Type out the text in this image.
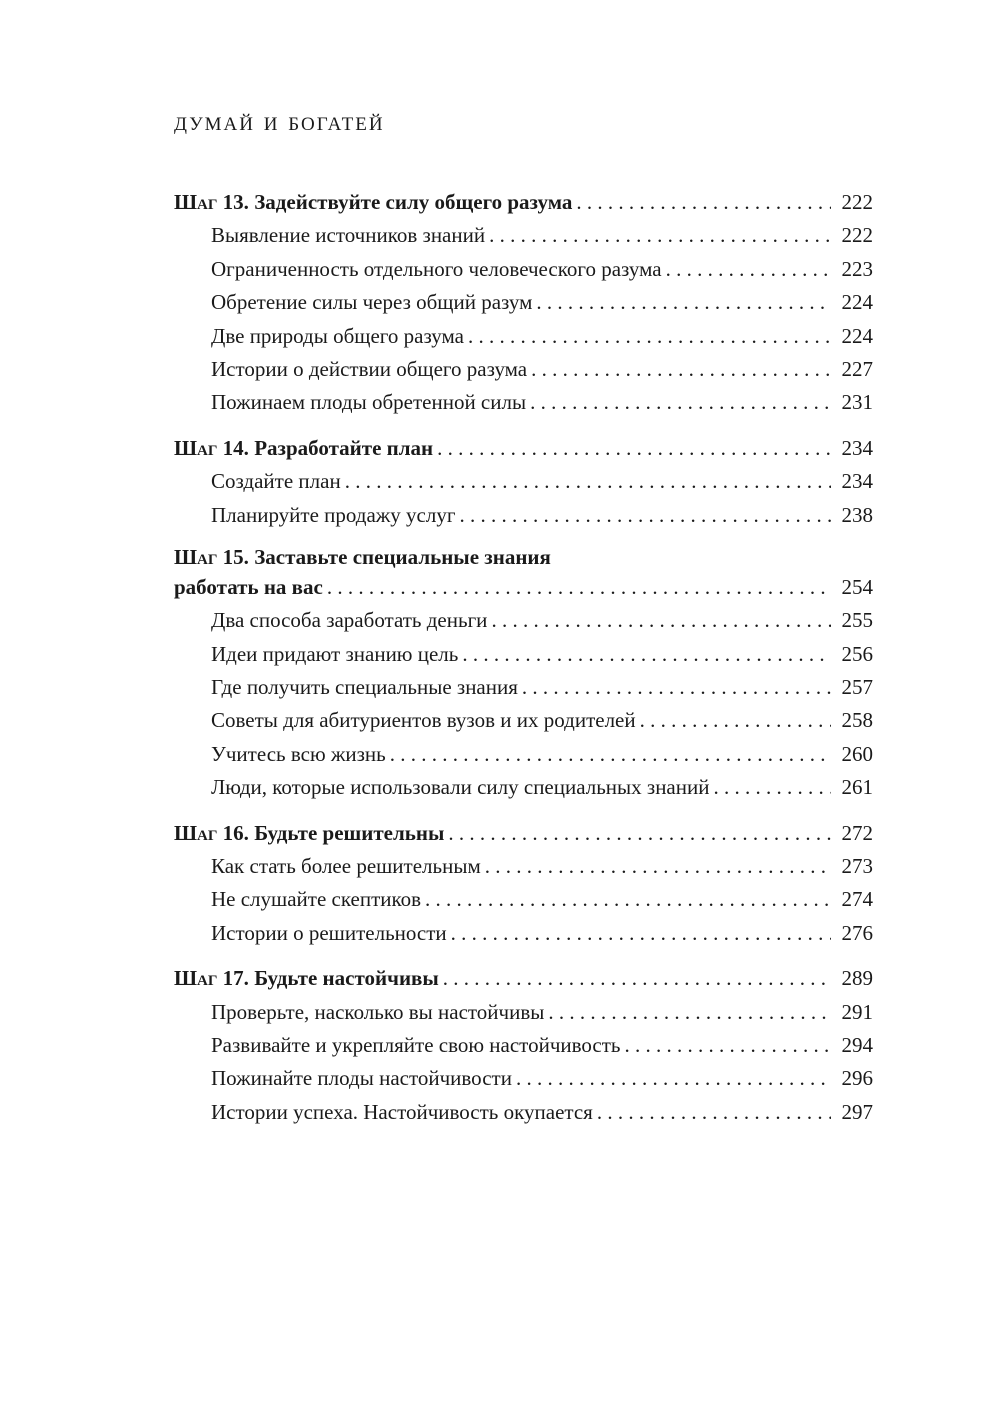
думай и богатей
Шаг 13. Задействуйте силу общего разума . . .	222
Выявление источников знаний . . .	222
Ограниченность отдельного человеческого разума . . .	223
Обретение силы через общий разум . . .	224
Две природы общего разума . . .	224
Истории о действии общего разума . . .	227
Пожинаем плоды обретенной силы . . .	231
Шаг 14. Разработайте план . . .	234
Создайте план . . .	234
Планируйте продажу услуг . . .	238
Шаг 15. Заставьте специальные знания
работать на вас . . .	254
Два способа заработать деньги . . .	255
Идеи придают знанию цель . . .	256
Где получить специальные знания . . .	257
Советы для абитуриентов вузов и их родителей . . .	258
Учитесь всю жизнь . . .	260
Люди, которые использовали силу специальных знаний . . .	261
Шаг 16. Будьте решительны . . .	272
Как стать более решительным . . .	273
Не слушайте скептиков . . .	274
Истории о решительности . . .	276
Шаг 17. Будьте настойчивы . . .	289
Проверьте, насколько вы настойчивы . . .	291
Развивайте и укрепляйте свою настойчивость . . .	294
Пожинайте плоды настойчивости . . .	296
Истории успеха. Настойчивость окупается . . .	297
